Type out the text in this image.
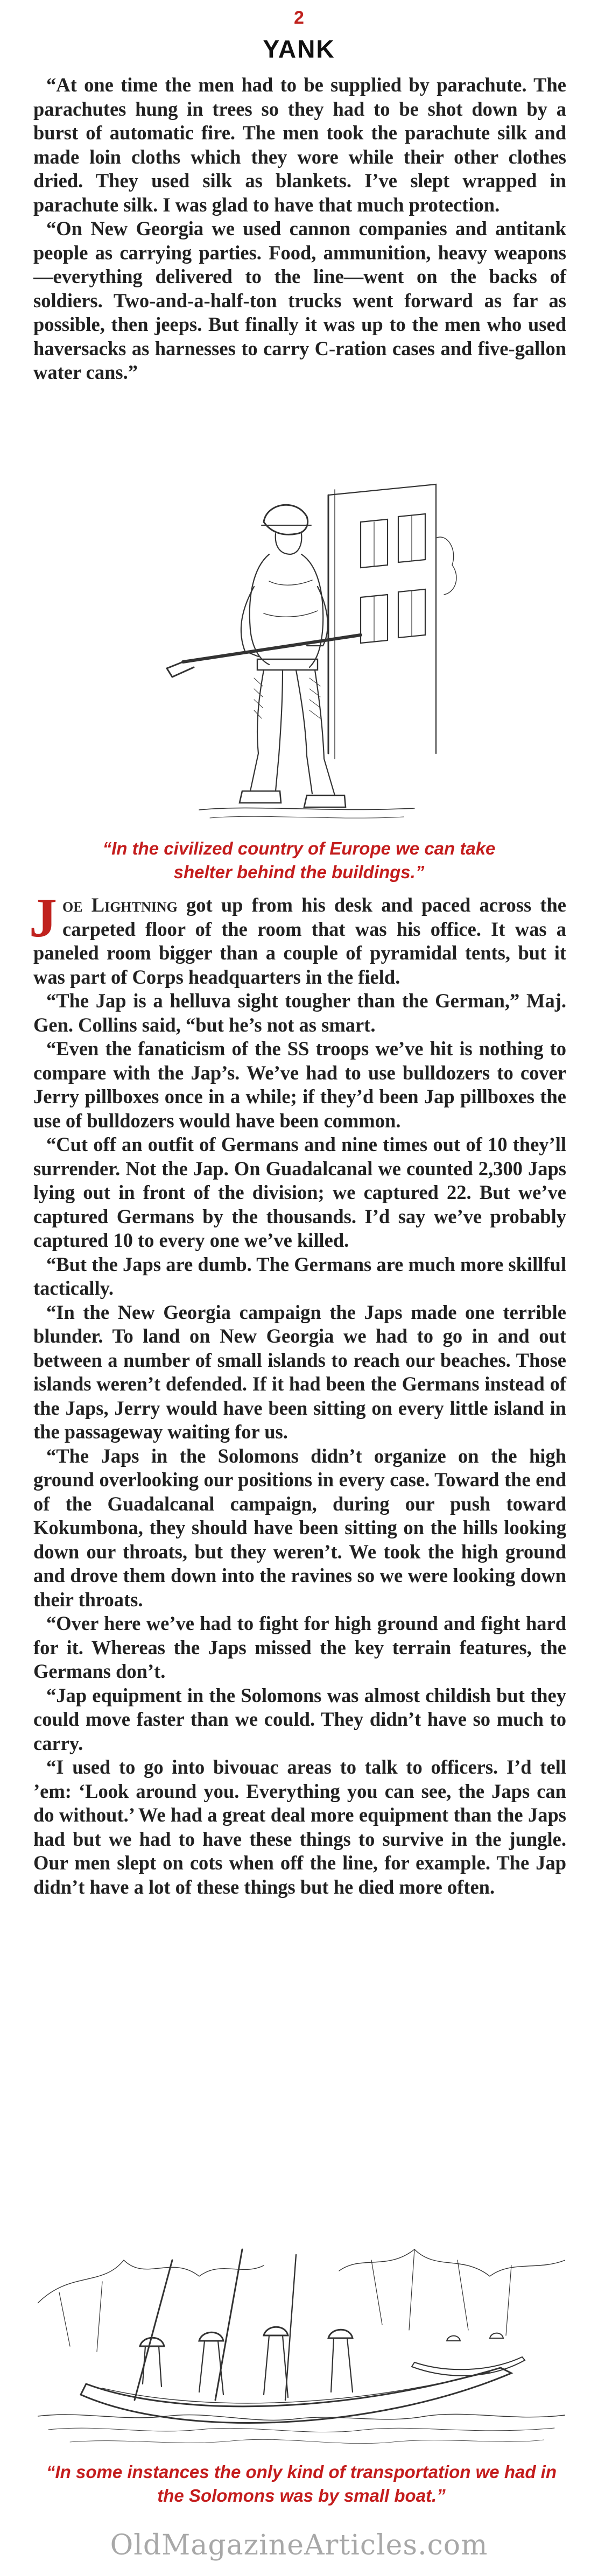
2
YANK

“At one time the men had to be supplied by parachute. The parachutes hung in trees so they had to be shot down by a burst of automatic fire. The men took the parachute silk and made loin cloths which they wore while their other clothes dried. They used silk as blankets. I’ve slept wrapped in parachute silk. I was glad to have that much protection.

“On New Georgia we used cannon companies and antitank people as carrying parties. Food, ammunition, heavy weapons—everything delivered to the line—went on the backs of soldiers. Two-and-a-half-ton trucks went forward as far as possible, then jeeps. But finally it was up to the men who used haversacks as harnesses to carry C-ration cases and five-gallon water cans.”

“In the civilized country of Europe we can take shelter behind the buildings.”

Joe Lightning got up from his desk and paced across the carpeted floor of the room that was his office. It was a paneled room bigger than a couple of pyramidal tents, but it was part of Corps headquarters in the field.

“The Jap is a helluva sight tougher than the German,” Maj. Gen. Collins said, “but he’s not as smart.

“Even the fanaticism of the SS troops we’ve hit is nothing to compare with the Jap’s. We’ve had to use bulldozers to cover Jerry pillboxes once in a while; if they’d been Jap pillboxes the use of bulldozers would have been common.

“Cut off an outfit of Germans and nine times out of 10 they’ll surrender. Not the Jap. On Guadalcanal we counted 2,300 Japs lying out in front of the division; we captured 22. But we’ve captured Germans by the thousands. I’d say we’ve probably captured 10 to every one we’ve killed.

“But the Japs are dumb. The Germans are much more skillful tactically.

“In the New Georgia campaign the Japs made one terrible blunder. To land on New Georgia we had to go in and out between a number of small islands to reach our beaches. Those islands weren’t defended. If it had been the Germans instead of the Japs, Jerry would have been sitting on every little island in the passageway waiting for us.

“The Japs in the Solomons didn’t organize on the high ground overlooking our positions in every case. Toward the end of the Guadalcanal campaign, during our push toward Kokumbona, they should have been sitting on the hills looking down our throats, but they weren’t. We took the high ground and drove them down into the ravines so we were looking down their throats.

“Over here we’ve had to fight for high ground and fight hard for it. Whereas the Japs missed the key terrain features, the Germans don’t.

“Jap equipment in the Solomons was almost childish but they could move faster than we could. They didn’t have so much to carry.

“I used to go into bivouac areas to talk to officers. I’d tell ’em: ‘Look around you. Everything you can see, the Japs can do without.’ We had a great deal more equipment than the Japs had but we had to have these things to survive in the jungle. Our men slept on cots when off the line, for example. The Jap didn’t have a lot of these things but he died more often.

“In some instances the only kind of transportation we had in the Solomons was by small boat.”
OldMagazineArticles.com
